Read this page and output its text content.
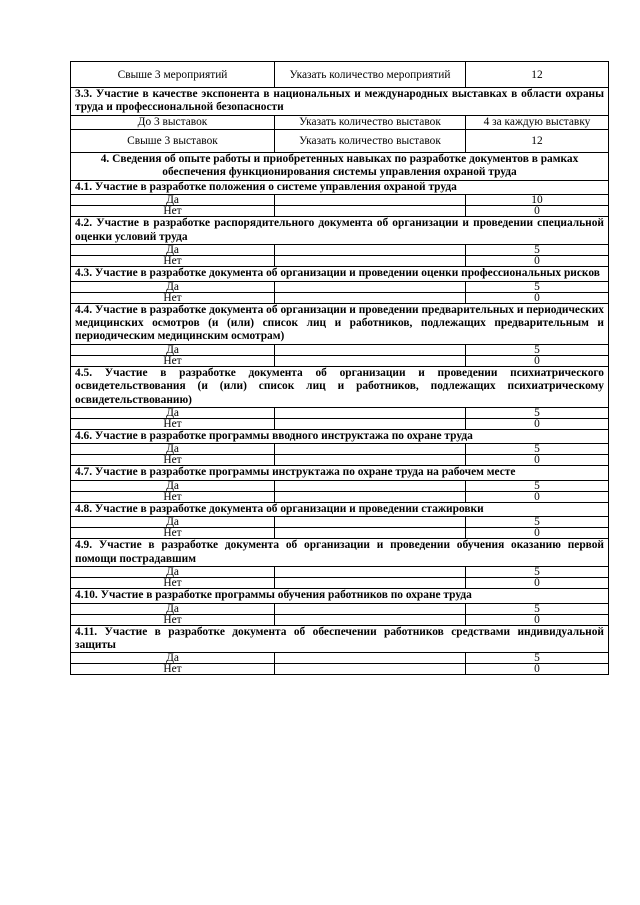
Свыше 3 мероприятий	Указать количество мероприятий	12
3.3. Участие в качестве экспонента в национальных и международных выставках в области охраны труда и профессиональной безопасности		
До 3 выставок	Указать количество выставок	4 за каждую выставку
Свыше 3 выставок	Указать количество выставок	12
4. Сведения об опыте работы и приобретенных навыках по разработке документов в рамках обеспечения функционирования системы управления охраной труда		
4.1. Участие в разработке положения о системе управления охраной труда		
Да		10
Нет		0
4.2. Участие в разработке распорядительного документа об организации и проведении специальной оценки условий труда		
Да		5
Нет		0
4.3. Участие в разработке документа об организации и проведении оценки профессиональных рисков		
Да		5
Нет		0
4.4. Участие в разработке документа об организации и проведении предварительных и периодических медицинских осмотров (и (или) список лиц и работников, подлежащих предварительным и периодическим медицинским осмотрам)		
Да		5
Нет		0
4.5. Участие в разработке документа об организации и проведении психиатрического освидетельствования (и (или) список лиц и работников, подлежащих психиатрическому освидетельствованию)		
Да		5
Нет		0
4.6. Участие в разработке программы вводного инструктажа по охране труда		
Да		5
Нет		0
4.7. Участие в разработке программы инструктажа по охране труда на рабочем месте		
Да		5
Нет		0
4.8. Участие в разработке документа об организации и проведении стажировки		
Да		5
Нет		0
4.9. Участие в разработке документа об организации и проведении обучения оказанию первой помощи пострадавшим		
Да		5
Нет		0
4.10. Участие в разработке программы обучения работников по охране труда		
Да		5
Нет		0
4.11. Участие в разработке документа об обеспечении работников средствами индивидуальной защиты		
Да		5
Нет		0
